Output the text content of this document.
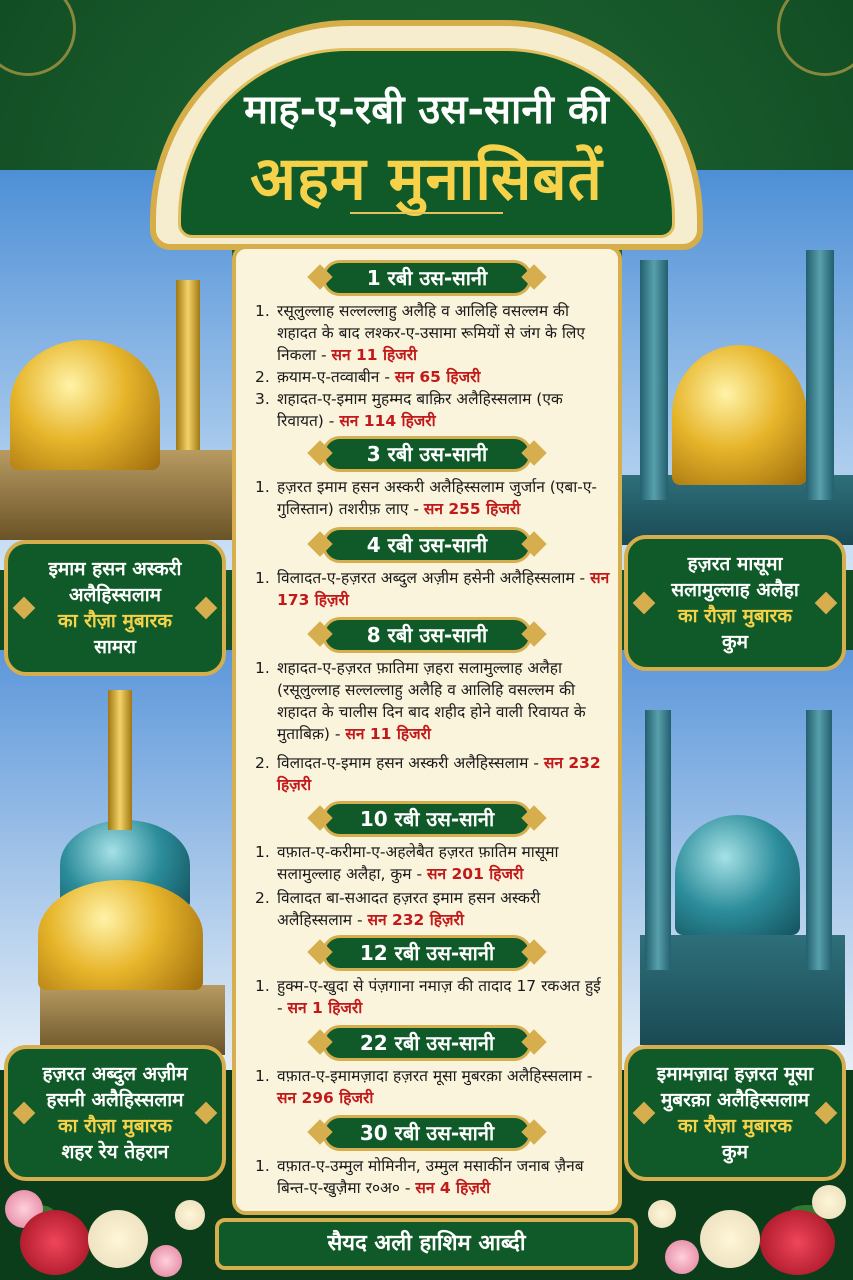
माह-ए-रबी उस-सानी की
अहम मुनासिबतें
1 रबी उस-सानी
1. रसूलुल्लाह सल्लल्लाहु अलैहि व आलिहि वसल्लम की शहादत के बाद लश्कर-ए-उसामा रूमियों से जंग के लिए निकला - सन 11 हिजरी
2. क़याम-ए-तव्वाबीन - सन 65 हिजरी
3. शहादत-ए-इमाम मुहम्मद बाक़िर अलैहिस्सलाम (एक रिवायत) - सन 114 हिजरी
3 रबी उस-सानी
1. हज़रत इमाम हसन अस्करी अलैहिस्सलाम जुर्जान (एबा-ए-गुलिस्तान) तशरीफ़ लाए - सन 255 हिजरी
4 रबी उस-सानी
1. विलादत-ए-हज़रत अब्दुल अज़ीम हसेनी अलैहिस्सलाम - सन 173 हिज़री
8 रबी उस-सानी
1. शहादत-ए-हज़रत फ़ातिमा ज़हरा सलामुल्लाह अलैहा (रसूलुल्लाह सल्लल्लाहु अलैहि व आलिहि वसल्लम की शहादत के चालीस दिन बाद शहीद होने वाली रिवायत के मुताबिक़) - सन 11 हिजरी
2. विलादत-ए-इमाम हसन अस्करी अलैहिस्सलाम - सन 232 हिज़री
10 रबी उस-सानी
1. वफ़ात-ए-करीमा-ए-अहलेबैत हज़रत फ़ातिम मासूमा सलामुल्लाह अलैहा, कुम - सन 201 हिजरी
2. विलादत बा-सआदत हज़रत इमाम हसन अस्करी अलैहिस्सलाम - सन 232 हिज़री
12 रबी उस-सानी
1. हुक्म-ए-खुदा से पंज़गाना नमाज़ की तादाद 17 रकअत हुई - सन 1 हिजरी
22 रबी उस-सानी
1. वफ़ात-ए-इमामज़ादा हज़रत मूसा मुबरक़ा अलैहिस्सलाम - सन 296 हिजरी
30 रबी उस-सानी
1. वफ़ात-ए-उम्मुल मोमिनीन, उम्मुल मसाकींन जनाब ज़ैनब बिन्त-ए-खुज़ैमा र०अ० - सन 4 हिज़री
इमाम हसन अस्करी अलैहिस्सलाम
का रौज़ा मुबारक
सामरा
हज़रत मासूमा सलामुल्लाह अलैहा
का रौज़ा मुबारक
कुम
हज़रत अब्दुल अज़ीम हसनी अलैहिस्सलाम
का रौज़ा मुबारक
शहर रेय तेहरान
इमामज़ादा हज़रत मूसा मुबरक़ा अलैहिस्सलाम
का रौज़ा मुबारक
कुम
सैयद अली हाशिम आब्दी
